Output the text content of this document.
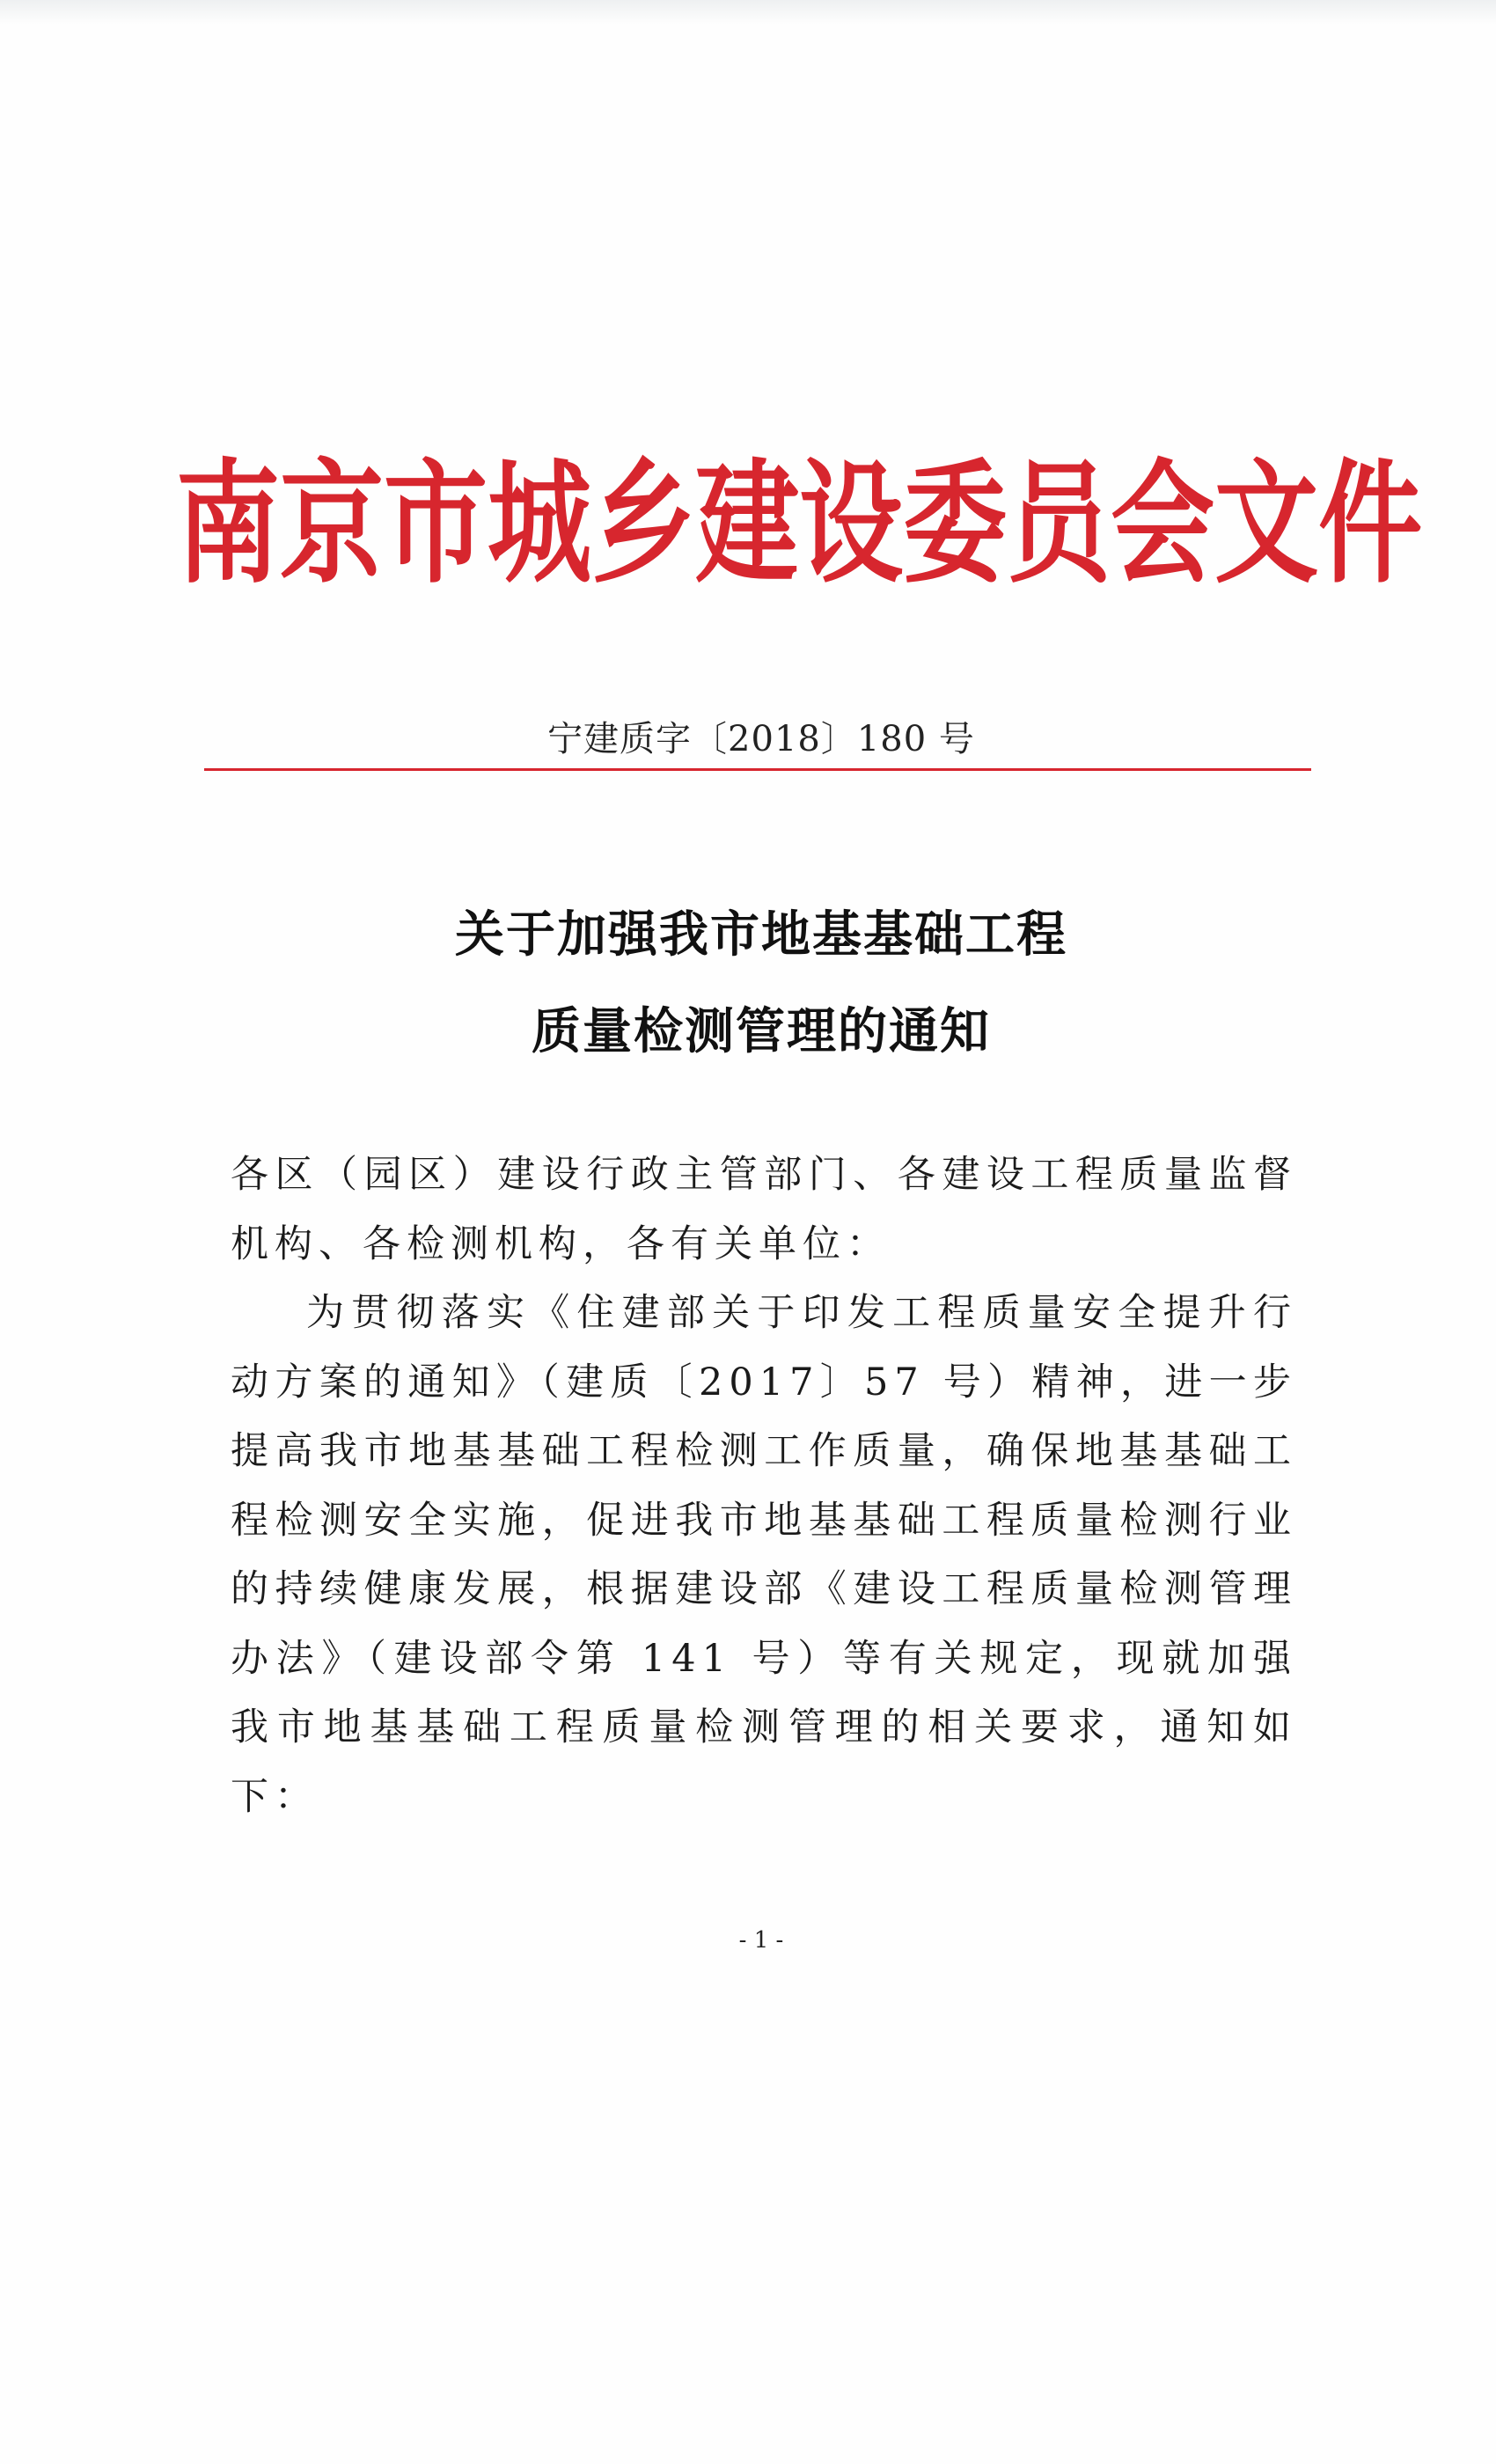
南 京 市 城 乡 建 设 委 员 会 文 件
宁建质字〔2018〕180 号
关于加强我市地基基础工程
质量检测管理的通知

各区（园区）建设行政主管部门、各建设工程质量监督机构、各检测机构，各有关单位：

为贯彻落实《住建部关于印发工程质量安全提升行动方案的通知》（建质〔2017〕57 号）精神，进一步提高我市地基基础工程检测工作质量，确保地基基础工程检测安全实施，促进我市地基基础工程质量检测行业的持续健康发展，根据建设部《建设工程质量检测管理办法》（建设部令第 141 号）等有关规定，现就加强我市地基基础工程质量检测管理的相关要求，通知如下：

- 1 -
